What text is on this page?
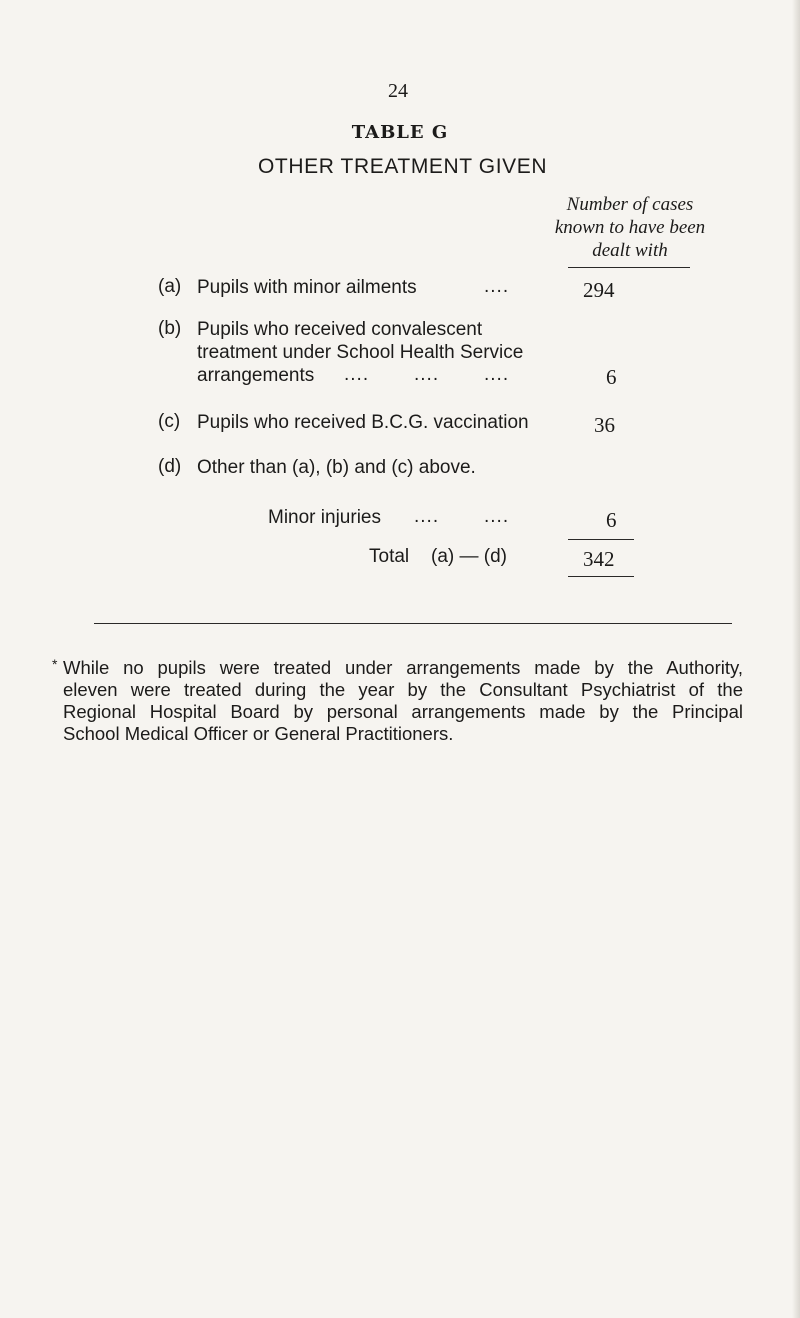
24
TABLE G
OTHER TREATMENT GIVEN
Number of cases
known to have been
dealt with
(a) Pupils with minor ailments	....	294
(b) Pupils who received convalescent
treatment under School Health Service
arrangements .... .... ....	6
(c) Pupils who received B.C.G. vaccination	36
(d) Other than (a), (b) and (c) above.
Minor injuries .... ....	6
Total (a) — (d)	342
* While no pupils were treated under arrangements made by the Authority,
eleven were treated during the year by the Consultant Psychiatrist of the
Regional Hospital Board by personal arrangements made by the Principal
School Medical Officer or General Practitioners.
